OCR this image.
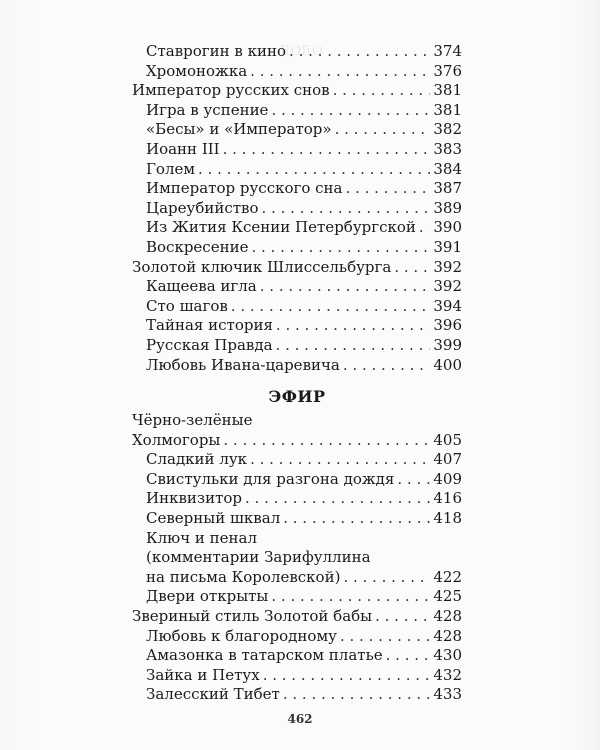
ОЛОД
Ставрогин в кино . . .	374
Хромоножка . . .	376
Император русских снов . . .	381
Игра в успение . . .	381
«Бесы» и «Император» . . .	382
Иоанн III . . .	383
Голем . . .	384
Император русского сна . . .	387
Цареубийство . . .	389
Из Жития Ксении Петербургской . . . 390
Воскресение . . .	391
Золотой ключик Шлиссельбурга . . .	392
Кащеева игла . . .	392
Сто шагов . . .	394
Тайная история . . .	396
Русская Правда . . .	399
Любовь Ивана-царевича . . .	400
ЭФИР
Чёрно-зелёные
Холмогоры . . .	405
Сладкий лук . . .	407
Свистульки для разгона дождя . . .	409
Инквизитор . . .	416
Северный шквал . . .	418
Ключ и пенал
(комментарии Зарифуллина
на письма Королевской) . . .	422
Двери открыты . . .	425
Звериный стиль Золотой бабы . . .	428
Любовь к благородному . . .	428
Амазонка в татарском платье . . .	430
Зайка и Петух . . .	432
Залесский Тибет . . .	433
462
